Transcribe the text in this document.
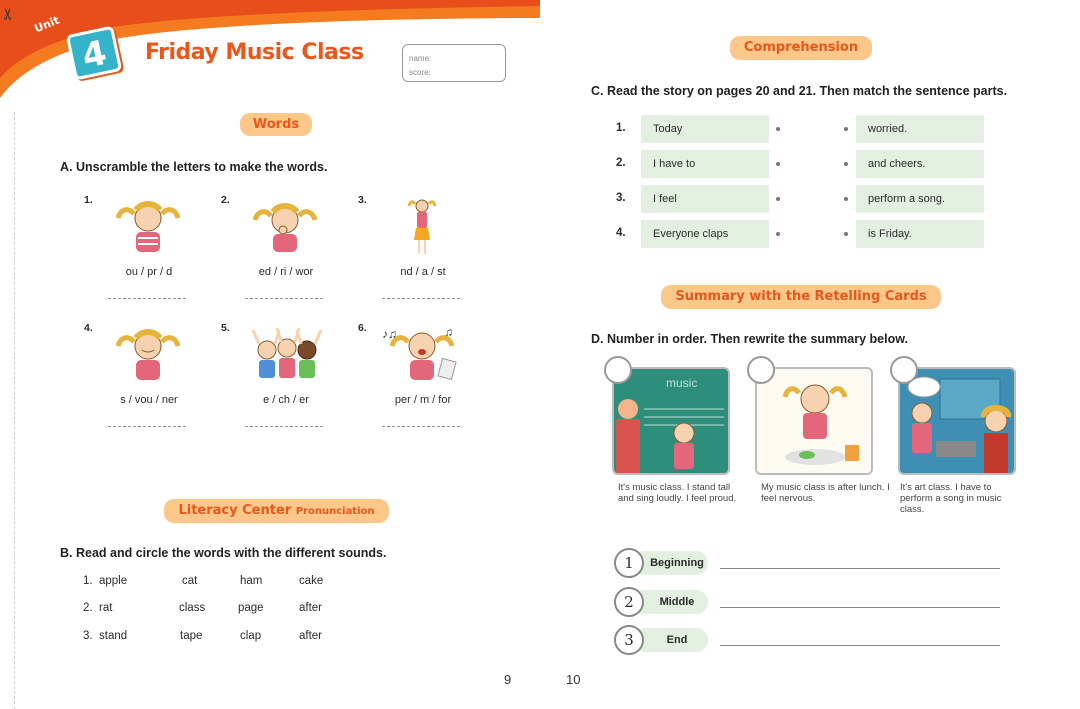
✂ Unit
4	Friday Music Class	name:
score:
Words
A. Unscramble the letters to make the words.
1.
ou / pr / d
2.
ed / ri / wor
3.
nd / a / st
4.
s / vou / ner
5.
e / ch / er
6. ♪♫	♫
per / m / for
Literacy Center Pronunciation
B. Read and circle the words with the different sounds.
1. apple	cat	ham	cake
2. rat	class	page	after
3. stand	tape	clap	after
9
Comprehension
C. Read the story on pages 20 and 21. Then match the sentence parts.
1.	Today	worried.
2.	I have to	and cheers.
3.	I feel	perform a song.
4.	Everyone claps	is Friday.
Summary with the Retelling Cards
D. Number in order. Then rewrite the summary below.
music
It's music class. I stand tall and sing loudly. I feel proud.
My music class is after lunch. I feel nervous.
It's art class. I have to perform a song in music class.
Beginning
1
Middle
2
End
3
10
